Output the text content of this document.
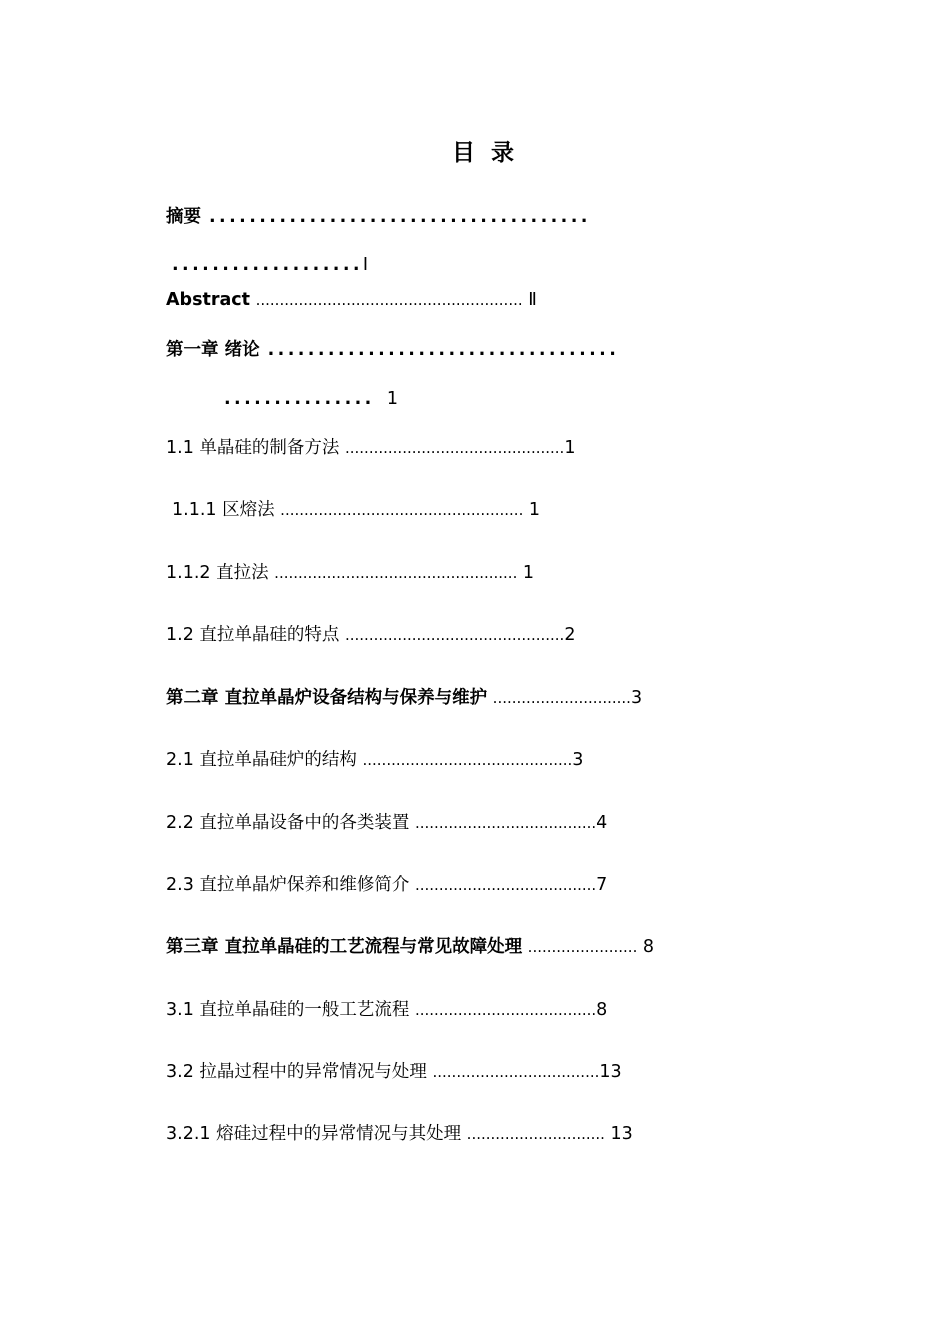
目 录
摘要 ......................................
...................Ⅰ
Abstract ........................................................ Ⅱ
第一章 绪论 ...................................
............... 1
1.1 单晶硅的制备方法 ..............................................1
1.1.1 区熔法 ................................................... 1
1.1.2 直拉法 ................................................... 1
1.2 直拉单晶硅的特点 ..............................................2
第二章 直拉单晶炉设备结构与保养与维护 .............................3
2.1 直拉单晶硅炉的结构 ............................................3
2.2 直拉单晶设备中的各类装置 ......................................4
2.3 直拉单晶炉保养和维修简介 ......................................7
第三章 直拉单晶硅的工艺流程与常见故障处理 ....................... 8
3.1 直拉单晶硅的一般工艺流程 ......................................8
3.2 拉晶过程中的异常情况与处理 ...................................13
3.2.1 熔硅过程中的异常情况与其处理 ............................. 13
